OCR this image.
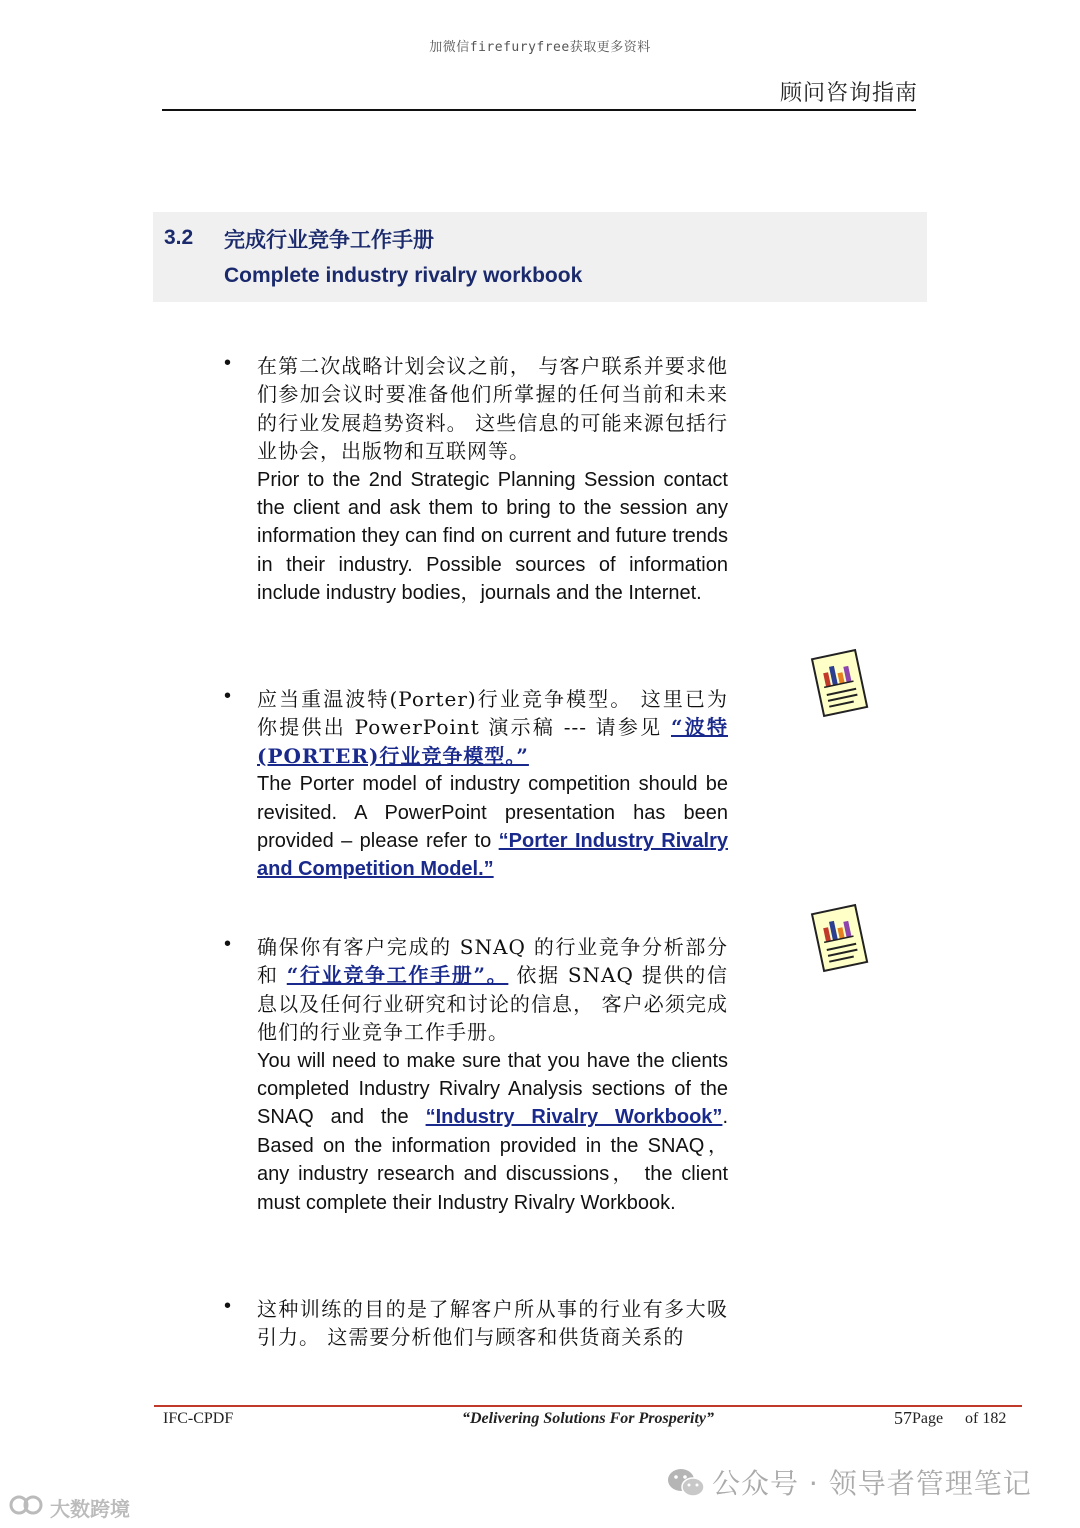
加微信firefuryfree获取更多资料
顾问咨询指南
3.2 完成行业竞争工作手册
Complete industry rivalry workbook
• 在第二次战略计划会议之前， 与客户联系并要求他们参加会议时要准备他们所掌握的任何当前和未来的行业发展趋势资料。 这些信息的可能来源包括行业协会，出版物和互联网等。
Prior to the 2nd Strategic Planning Session contact the client and ask them to bring to the session any information they can find on current and future trends in their industry. Possible sources of information include industry bodies，journals and the Internet.
• 应当重温波特(Porter)行业竞争模型。 这里已为你提供出 PowerPoint 演示稿 --- 请参见 “波特(PORTER)行业竞争模型。”
The Porter model of industry competition should be revisited. A PowerPoint presentation has been provided – please refer to “Porter Industry Rivalry and Competition Model.”
• 确保你有客户完成的 SNAQ 的行业竞争分析部分和 “行业竞争工作手册”。 依据 SNAQ 提供的信息以及任何行业研究和讨论的信息， 客户必须完成他们的行业竞争工作手册。
You will need to make sure that you have the clients completed Industry Rivalry Analysis sections of the SNAQ and the “Industry Rivalry Workbook”. Based on the information provided in the SNAQ， any industry research and discussions， the client must complete their Industry Rivalry Workbook.
• 这种训练的目的是了解客户所从事的行业有多大吸引力。 这需要分析他们与顾客和供货商关系的
IFC-CPDF	“Delivering Solutions For Prosperity”	57 Page of 182
公众号 · 领导者管理笔记
大数跨境
